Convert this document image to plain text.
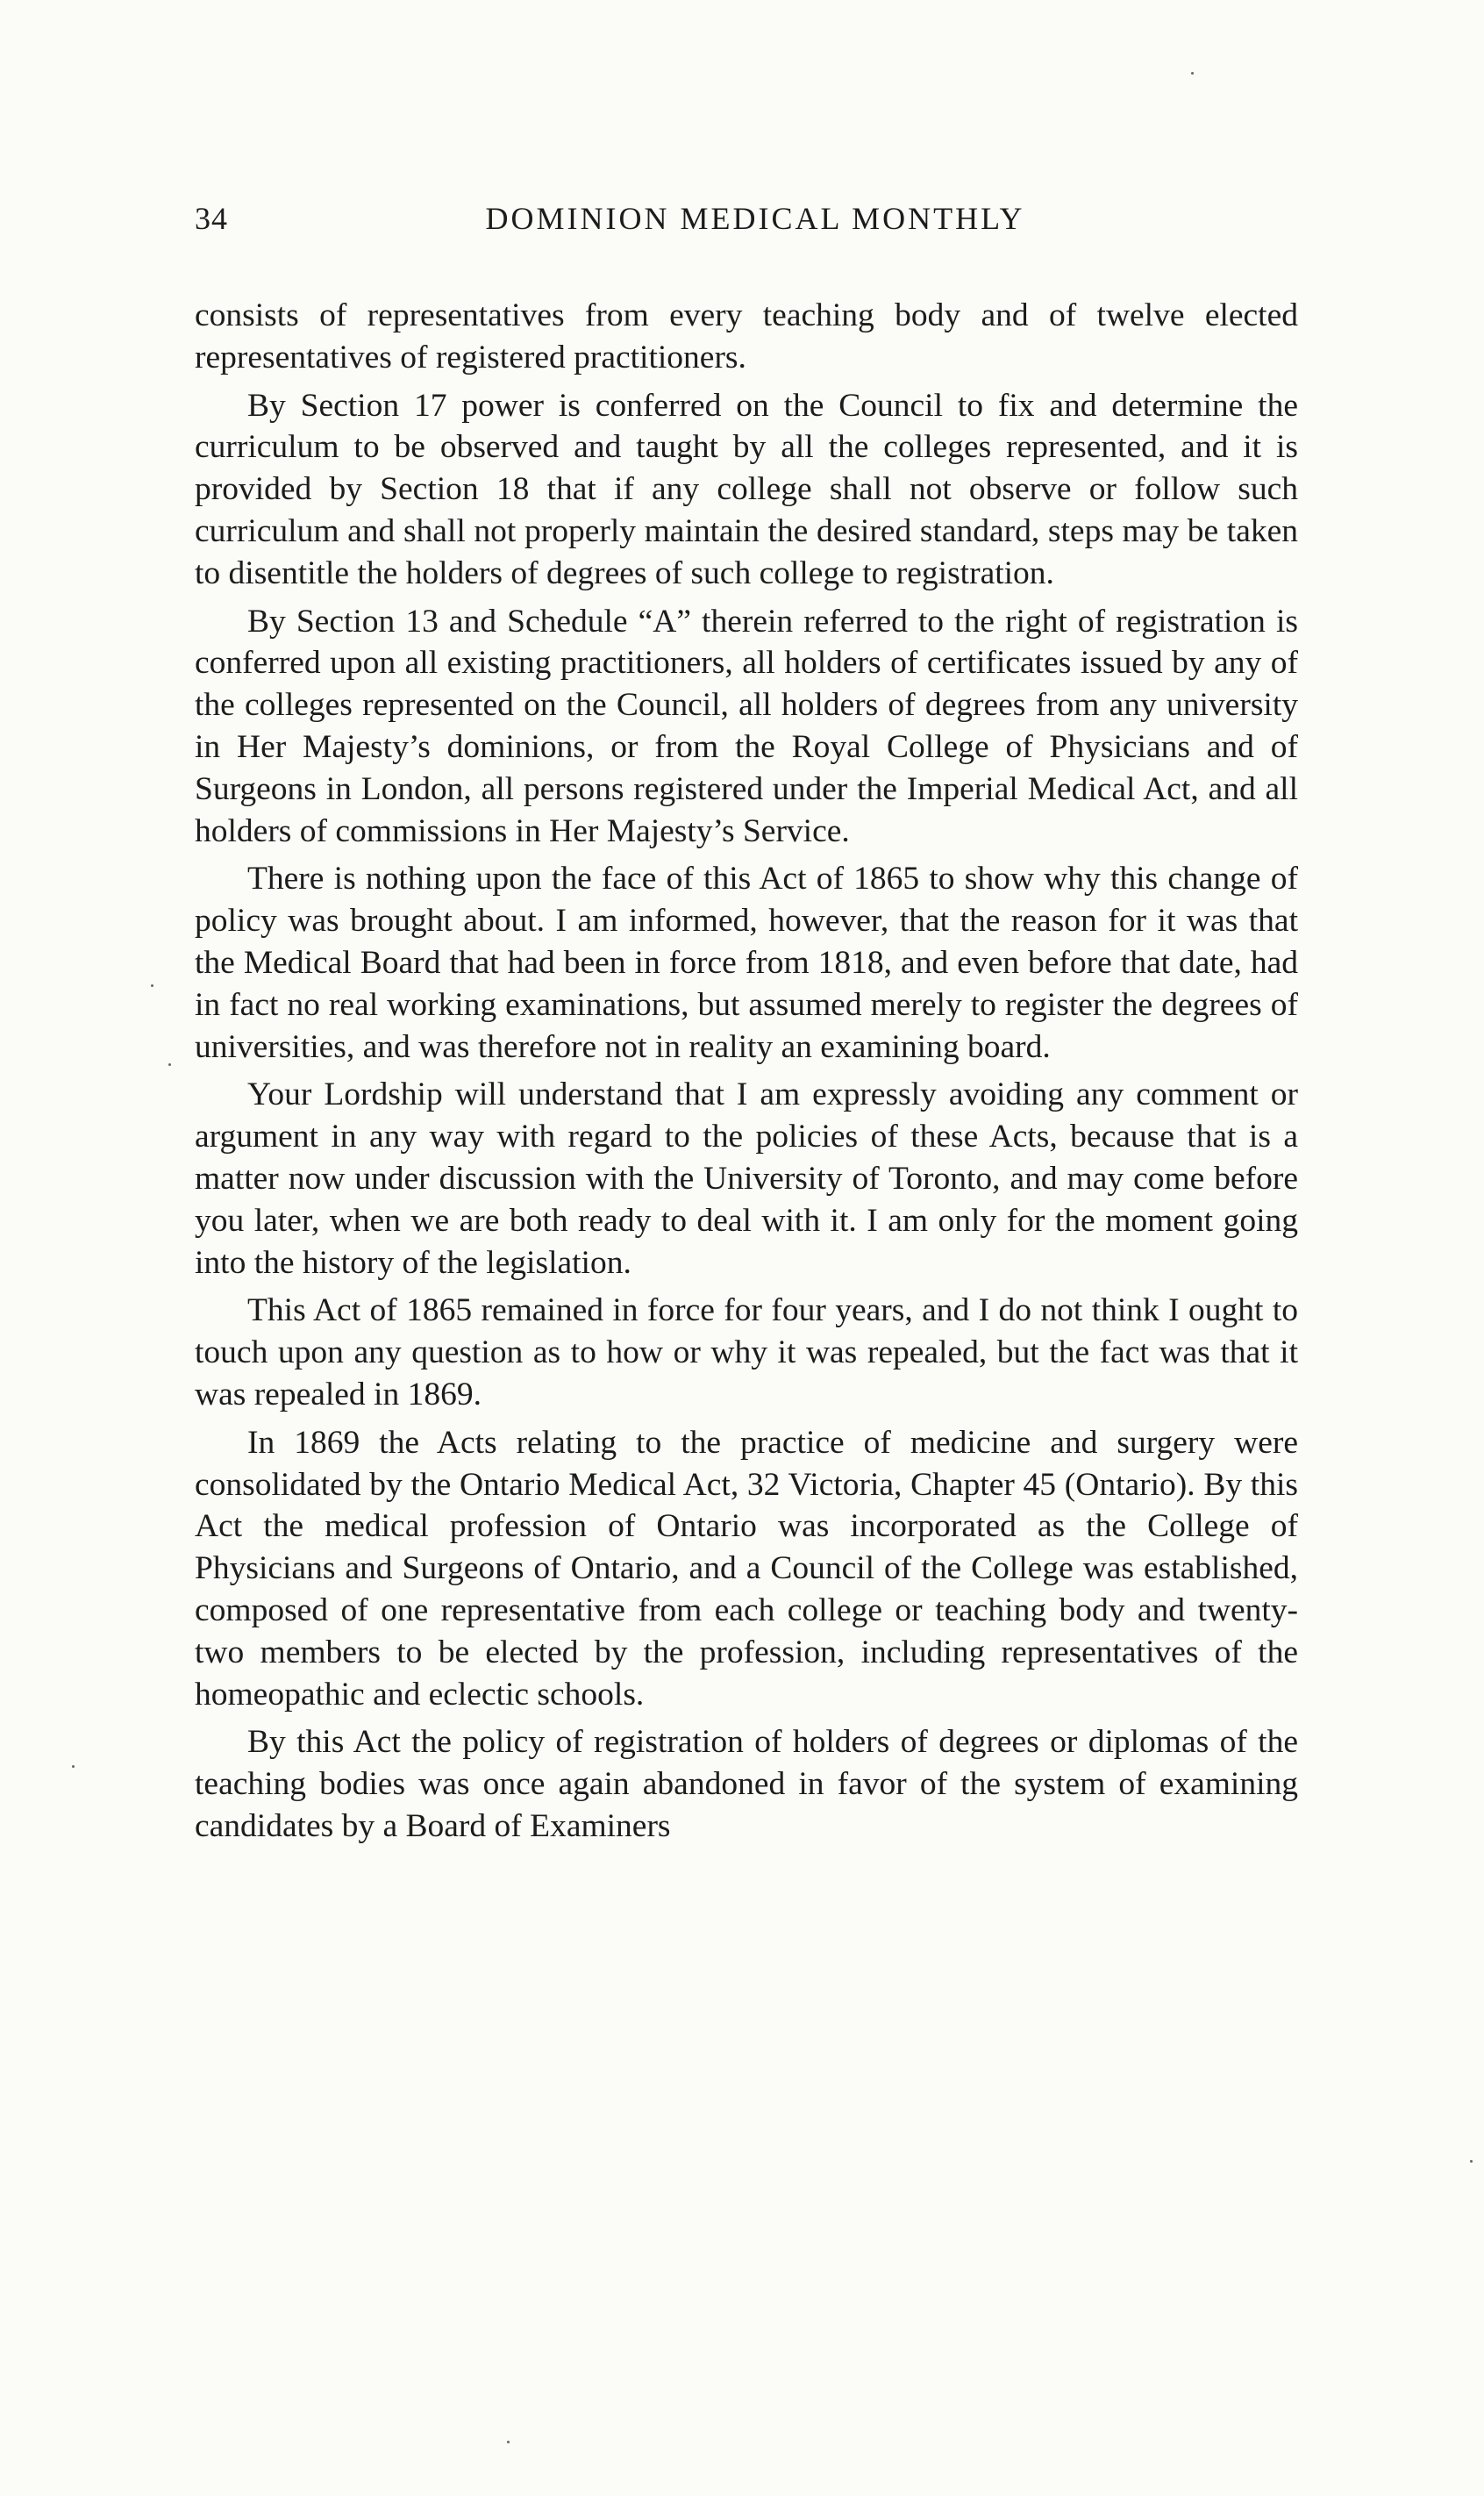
34	DOMINION MEDICAL MONTHLY

consists of representatives from every teaching body and of twelve elected representatives of registered practitioners.

By Section 17 power is conferred on the Council to fix and determine the curriculum to be observed and taught by all the colleges represented, and it is provided by Section 18 that if any college shall not observe or follow such curriculum and shall not properly maintain the desired standard, steps may be taken to disentitle the holders of degrees of such college to registration.

By Section 13 and Schedule “A” therein referred to the right of registration is conferred upon all existing practitioners, all holders of certificates issued by any of the colleges represented on the Council, all holders of degrees from any university in Her Majesty’s dominions, or from the Royal College of Physicians and of Surgeons in London, all persons registered under the Imperial Medical Act, and all holders of commissions in Her Majesty’s Service.

There is nothing upon the face of this Act of 1865 to show why this change of policy was brought about. I am informed, however, that the reason for it was that the Medical Board that had been in force from 1818, and even before that date, had in fact no real working examinations, but assumed merely to register the degrees of universities, and was therefore not in reality an examining board.

Your Lordship will understand that I am expressly avoiding any comment or argument in any way with regard to the policies of these Acts, because that is a matter now under discussion with the University of Toronto, and may come before you later, when we are both ready to deal with it. I am only for the moment going into the history of the legislation.

This Act of 1865 remained in force for four years, and I do not think I ought to touch upon any question as to how or why it was repealed, but the fact was that it was repealed in 1869.

In 1869 the Acts relating to the practice of medicine and surgery were consolidated by the Ontario Medical Act, 32 Victoria, Chapter 45 (Ontario). By this Act the medical profession of Ontario was incorporated as the College of Physicians and Surgeons of Ontario, and a Council of the College was established, composed of one representative from each college or teaching body and twenty-two members to be elected by the profession, including representatives of the homeopathic and eclectic schools.

By this Act the policy of registration of holders of degrees or diplomas of the teaching bodies was once again abandoned in favor of the system of examining candidates by a Board of Examiners
